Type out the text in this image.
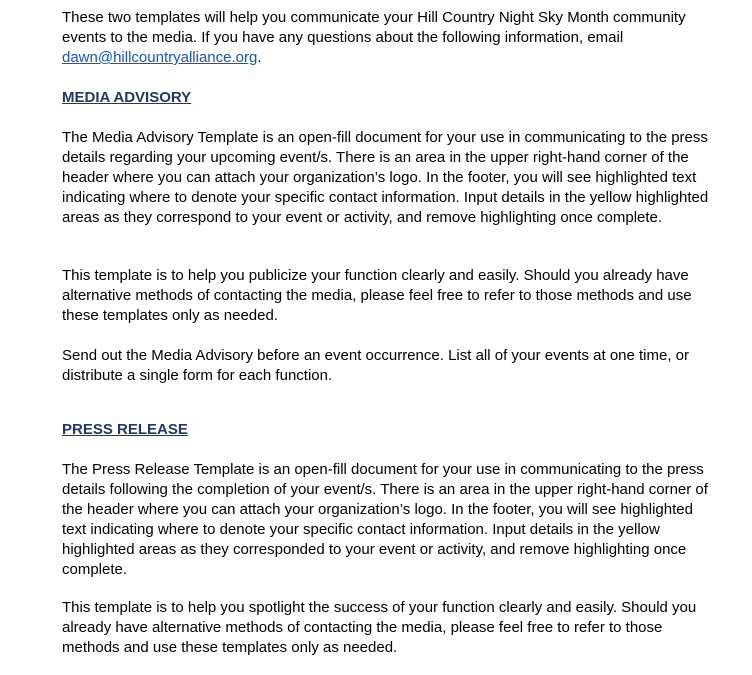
These two templates will help you communicate your Hill Country Night Sky Month community events to the media. If you have any questions about the following information, email dawn@hillcountryalliance.org.

MEDIA ADVISORY

The Media Advisory Template is an open-fill document for your use in communicating to the press details regarding your upcoming event/s. There is an area in the upper right-hand corner of the header where you can attach your organization’s logo. In the footer, you will see highlighted text indicating where to denote your specific contact information. Input details in the yellow highlighted areas as they correspond to your event or activity, and remove highlighting once complete.

This template is to help you publicize your function clearly and easily. Should you already have alternative methods of contacting the media, please feel free to refer to those methods and use these templates only as needed.

Send out the Media Advisory before an event occurrence. List all of your events at one time, or distribute a single form for each function.

PRESS RELEASE

The Press Release Template is an open-fill document for your use in communicating to the press details following the completion of your event/s. There is an area in the upper right-hand corner of the header where you can attach your organization’s logo. In the footer, you will see highlighted text indicating where to denote your specific contact information. Input details in the yellow highlighted areas as they corresponded to your event or activity, and remove highlighting once complete.

This template is to help you spotlight the success of your function clearly and easily. Should you already have alternative methods of contacting the media, please feel free to refer to those methods and use these templates only as needed.
